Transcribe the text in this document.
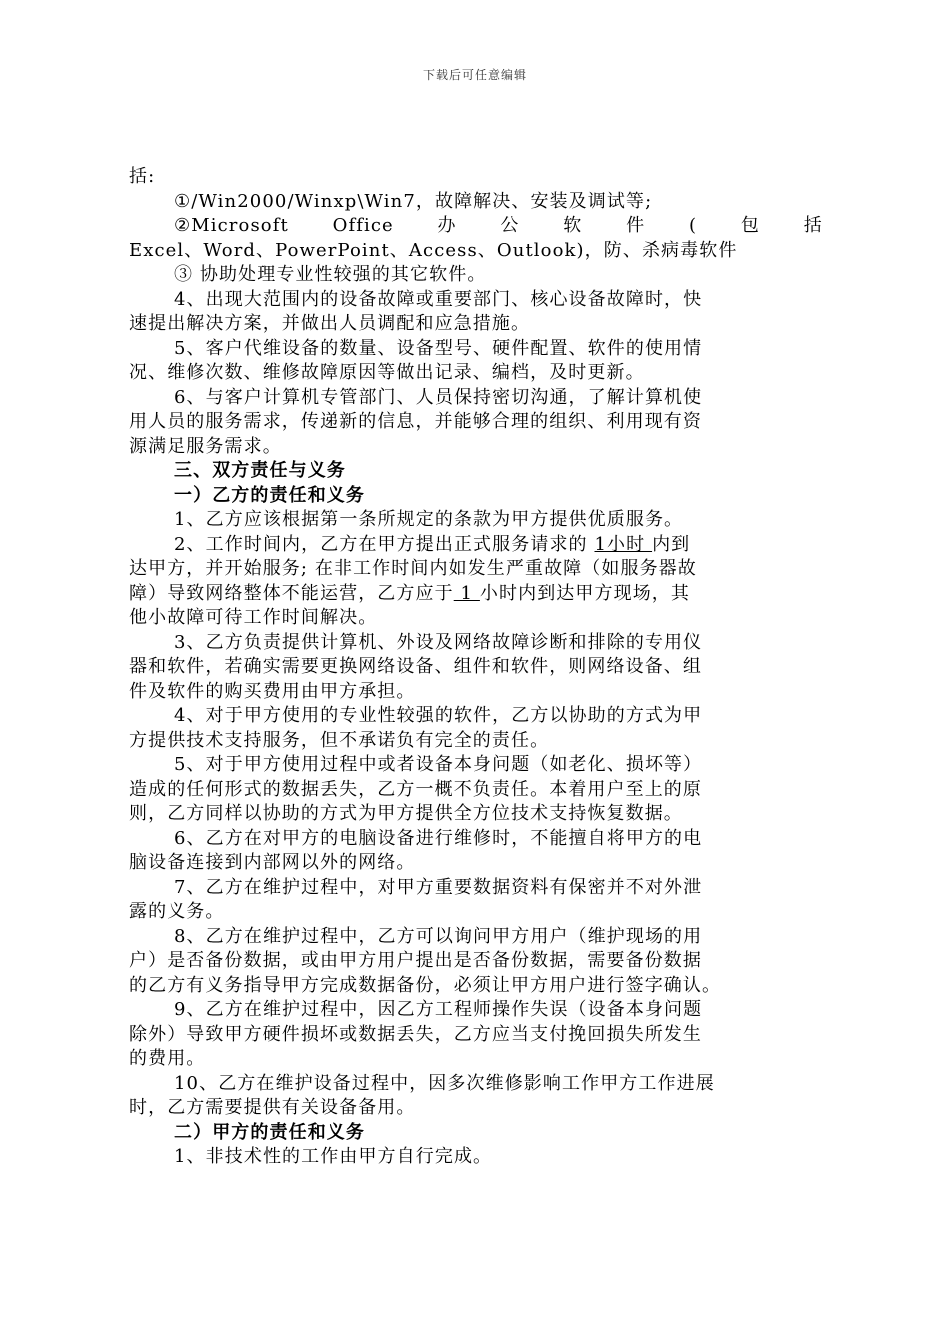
下载后可任意编辑
括:
①/Win2000/Winxp\Win7，故障解决、安装及调试等;
②Microsoft Office 办 公 软 件 ( 包 括
Excel、Word、PowerPoint、Access、Outlook)，防、杀病毒软件
③ 协助处理专业性较强的其它软件。
4、出现大范围内的设备故障或重要部门、核心设备故障时，快
速提出解决方案，并做出人员调配和应急措施。
5、客户代维设备的数量、设备型号、硬件配置、软件的使用情
况、维修次数、维修故障原因等做出记录、编档，及时更新。
6、与客户计算机专管部门、人员保持密切沟通，了解计算机使
用人员的服务需求，传递新的信息，并能够合理的组织、利用现有资
源满足服务需求。
三、双方责任与义务
一）乙方的责任和义务
1、乙方应该根据第一条所规定的条款为甲方提供优质服务。
2、工作时间内，乙方在甲方提出正式服务请求的 1小时 内到
达甲方，并开始服务; 在非工作时间内如发生严重故障（如服务器故
障）导致网络整体不能运营，乙方应于 1 小时内到达甲方现场，其
他小故障可待工作时间解决。
3、乙方负责提供计算机、外设及网络故障诊断和排除的专用仪
器和软件，若确实需要更换网络设备、组件和软件，则网络设备、组
件及软件的购买费用由甲方承担。
4、对于甲方使用的专业性较强的软件，乙方以协助的方式为甲
方提供技术支持服务，但不承诺负有完全的责任。
5、对于甲方使用过程中或者设备本身问题（如老化、损坏等）
造成的任何形式的数据丢失，乙方一概不负责任。本着用户至上的原
则，乙方同样以协助的方式为甲方提供全方位技术支持恢复数据。
6、乙方在对甲方的电脑设备进行维修时，不能擅自将甲方的电
脑设备连接到内部网以外的网络。
7、乙方在维护过程中，对甲方重要数据资料有保密并不对外泄
露的义务。
8、乙方在维护过程中，乙方可以询问甲方用户（维护现场的用
户）是否备份数据，或由甲方用户提出是否备份数据，需要备份数据
的乙方有义务指导甲方完成数据备份，必须让甲方用户进行签字确认。
9、乙方在维护过程中，因乙方工程师操作失误（设备本身问题
除外）导致甲方硬件损坏或数据丢失，乙方应当支付挽回损失所发生
的费用。
10、乙方在维护设备过程中，因多次维修影响工作甲方工作进展
时，乙方需要提供有关设备备用。
二）甲方的责任和义务
1、非技术性的工作由甲方自行完成。
